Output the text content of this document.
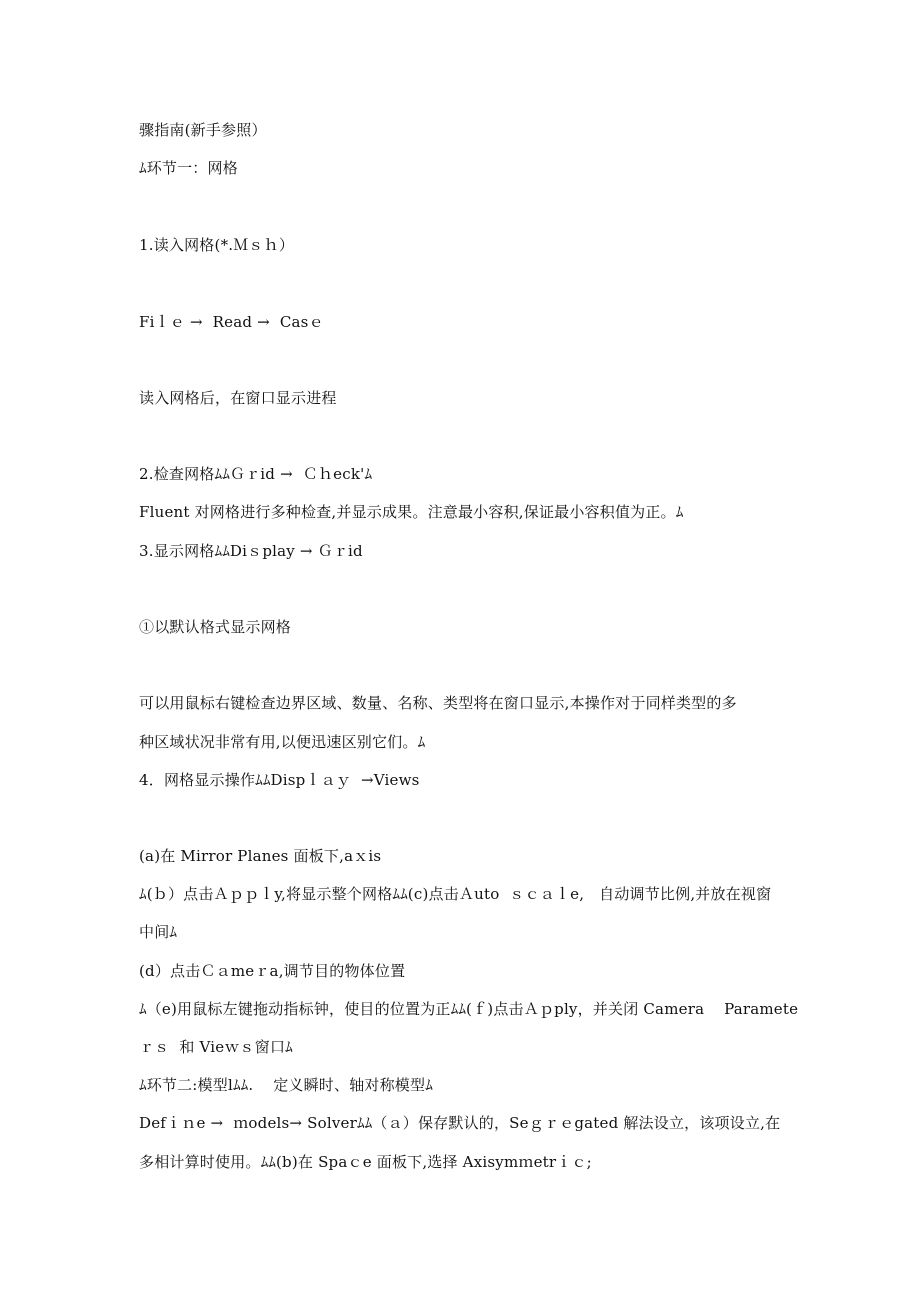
骤指南(新手参照）
ﾑ环节一：网格
1.读入网格(*.Ｍｓｈ）
Fiｌｅ →  Read →  Casｅ
读入网格后，在窗口显示进程
2.检查网格ﾑﾑＧｒid →  Ｃｈeck'ﾑ
Fluent 对网格进行多种检查,并显示成果。注意最小容积,保证最小容积值为正。ﾑ
3.显示网格ﾑﾑDiｓplay → Ｇｒid
①以默认格式显示网格
可以用鼠标右键检查边界区域、数量、名称、类型将在窗口显示,本操作对于同样类型的多
种区域状况非常有用,以便迅速区别它们。ﾑ
4．网格显示操作ﾑﾑDispｌａｙ  →Views
(a)在 Mirror Planes 面板下,aｘis
ﾑ(ｂ）点击Ａｐｐｌy,将显示整个网格ﾑﾑ(c)点击Ａuto  ｓｃａｌe,   自动调节比例,并放在视窗
中间ﾑ
(d）点击Ｃａmeｒa,调节目的物体位置
ﾑ（e)用鼠标左键拖动指标钟，使目的位置为正ﾑﾑ(ｆ)点击Ａｐply，并关闭 Camera    Paramete
ｒｓ  和 Vieｗｓ窗口ﾑ
ﾑ环节二:模型lﾑﾑ.    定义瞬时、轴对称模型ﾑ
Defｉｎe →  ｍodels→ Solverﾑﾑ（ａ）保存默认的，Seｇｒｅgated 解法设立，该项设立,在
多相计算时使用。ﾑﾑ(b)在 Spaｃe 面板下,选择 Axisymｍetrｉｃ;
